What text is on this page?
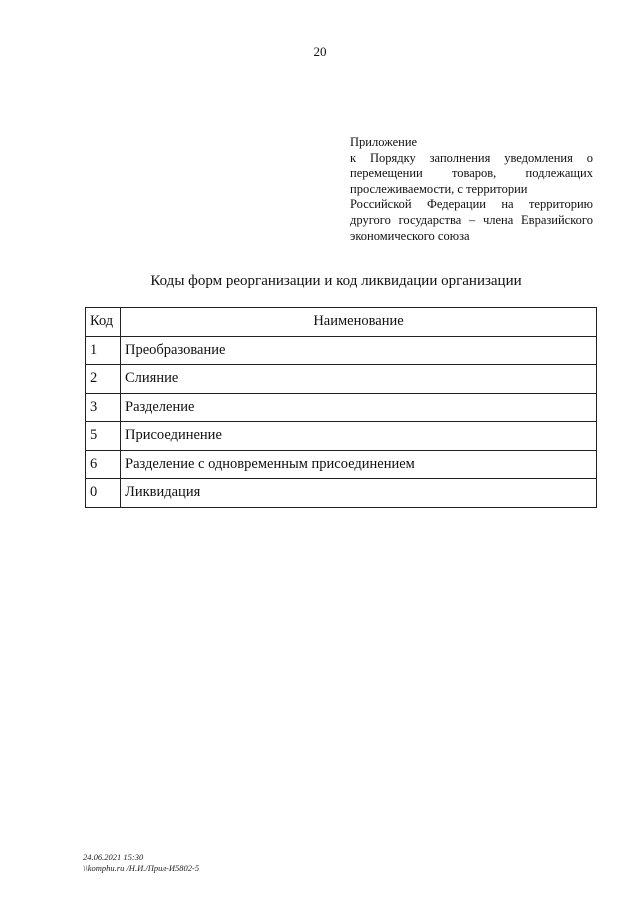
20
Приложение
к Порядку заполнения уведомления о
перемещении товаров, подлежащих
прослеживаемости, с территории
Российской Федерации на территорию
другого государства – члена Евразийского
экономического союза
Коды форм реорганизации и код ликвидации организации
Код	Наименование
1	Преобразование
2	Слияние
3	Разделение
5	Присоединение
6	Разделение с одновременным присоединением
0	Ликвидация
24.06.2021 15:30
\\komphu.ru /Н.И./Прил-И5802-5
